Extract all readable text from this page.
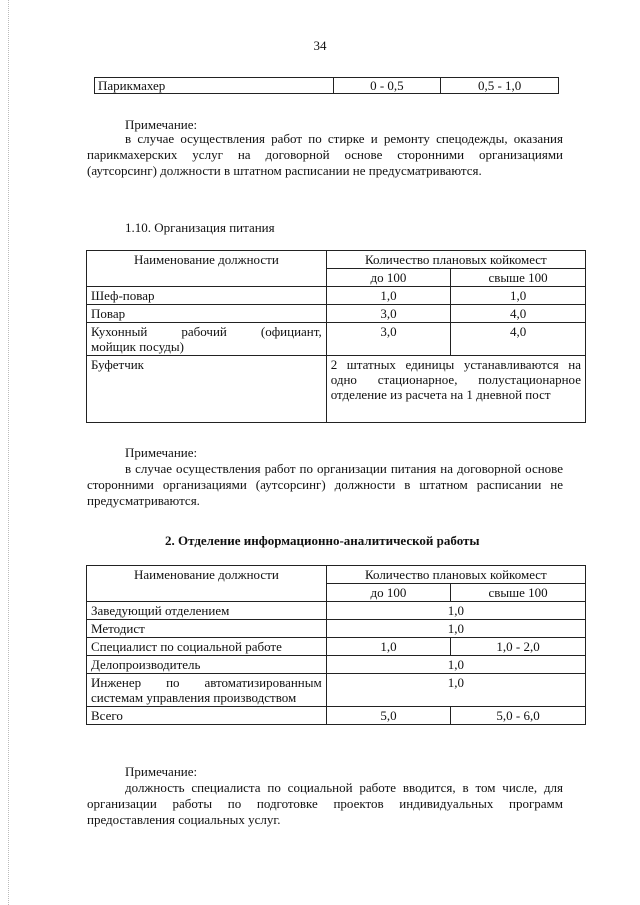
34
Парикмахер	0 - 0,5	0,5 - 1,0

Примечание:

в случае осуществления работ по стирке и ремонту спецодежды, оказания парикмахерских услуг на договорной основе сторонними организациями (аутсорсинг) должности в штатном расписании не предусматриваются.

1.10. Организация питания

Наименование должности	Количество плановых койкомест	
	до 100	свыше 100
Шеф-повар	1,0	1,0
Повар	3,0	4,0

Кухонный рабочий (официант,
мойщик посуды)	3,0	4,0
Буфетчик	2 штатных единицы устанавливаются на одно стационарное, полустационарное отделение из расчета на 1 дневной пост	

Примечание:

в случае осуществления работ по организации питания на договорной основе сторонними организациями (аутсорсинг) должности в штатном расписании не предусматриваются.

2. Отделение информационно-аналитической работы

Наименование должности	Количество плановых койкомест	
	до 100	свыше 100
Заведующий отделением	1,0	
Методист	1,0	
Специалист по социальной работе	1,0	1,0 - 2,0
Делопроизводитель	1,0	
Инженер по автоматизированным системам управления производством	1,0	
Всего	5,0	5,0 - 6,0

Примечание:

должность специалиста по социальной работе вводится, в том числе, для организации работы по подготовке проектов индивидуальных программ предоставления социальных услуг.
